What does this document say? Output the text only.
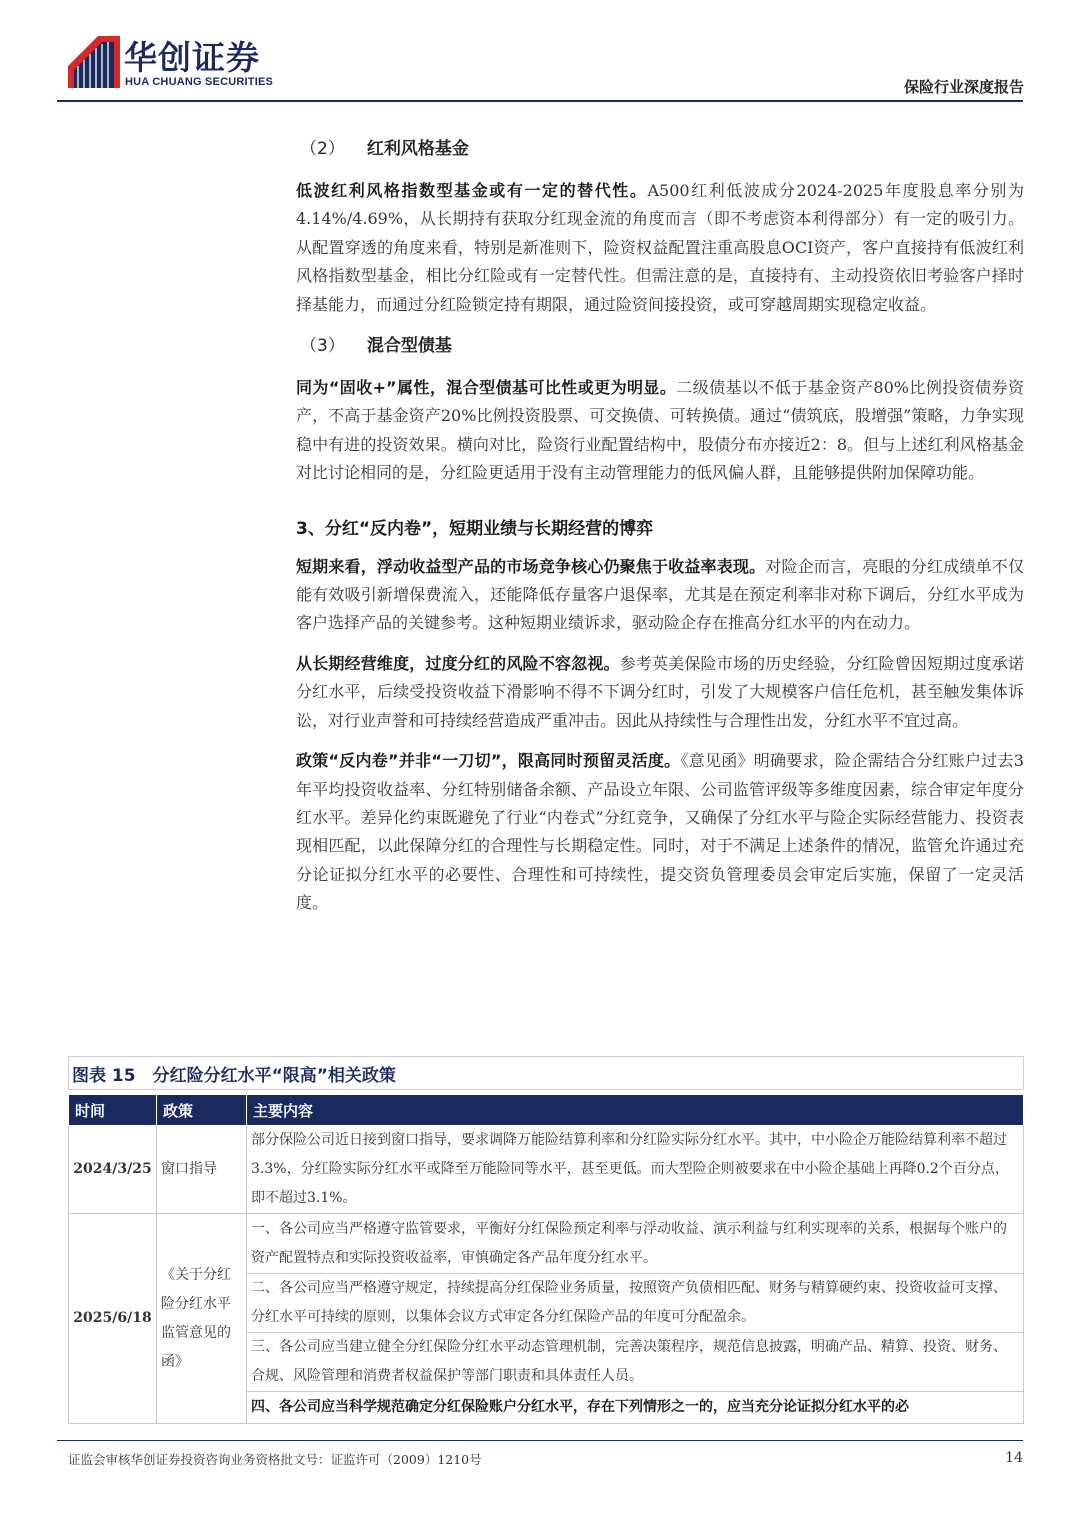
华创证券
HUA CHUANG SECURITIES	保险行业深度报告
（2） 红利风格基金

低波红利风格指数型基金或有一定的替代性。A500红利低波成分2024-2025年度股息率分别为4.14%/4.69%，从长期持有获取分红现金流的角度而言（即不考虑资本利得部分）有一定的吸引力。从配置穿透的角度来看，特别是新准则下，险资权益配置注重高股息OCI资产，客户直接持有低波红利风格指数型基金，相比分红险或有一定替代性。但需注意的是，直接持有、主动投资依旧考验客户择时择基能力，而通过分红险锁定持有期限，通过险资间接投资，或可穿越周期实现稳定收益。

（3） 混合型债基

同为“固收+”属性，混合型债基可比性或更为明显。二级债基以不低于基金资产80%比例投资债券资产，不高于基金资产20%比例投资股票、可交换债、可转换债。通过“债筑底，股增强”策略，力争实现稳中有进的投资效果。横向对比，险资行业配置结构中，股债分布亦接近2：8。但与上述红利风格基金对比讨论相同的是，分红险更适用于没有主动管理能力的低风偏人群，且能够提供附加保障功能。

3、分红“反内卷”，短期业绩与长期经营的博弈

短期来看，浮动收益型产品的市场竞争核心仍聚焦于收益率表现。对险企而言，亮眼的分红成绩单不仅能有效吸引新增保费流入，还能降低存量客户退保率，尤其是在预定利率非对称下调后，分红水平成为客户选择产品的关键参考。这种短期业绩诉求，驱动险企存在推高分红水平的内在动力。

从长期经营维度，过度分红的风险不容忽视。参考英美保险市场的历史经验，分红险曾因短期过度承诺分红水平，后续受投资收益下滑影响不得不下调分红时，引发了大规模客户信任危机，甚至触发集体诉讼，对行业声誉和可持续经营造成严重冲击。因此从持续性与合理性出发，分红水平不宜过高。

政策“反内卷”并非“一刀切”，限高同时预留灵活度。《意见函》明确要求，险企需结合分红账户过去3年平均投资收益率、分红特别储备余额、产品设立年限、公司监管评级等多维度因素，综合审定年度分红水平。差异化约束既避免了行业“内卷式”分红竞争，又确保了分红水平与险企实际经营能力、投资表现相匹配，以此保障分红的合理性与长期稳定性。同时，对于不满足上述条件的情况，监管允许通过充分论证拟分红水平的必要性、合理性和可持续性，提交资负管理委员会审定后实施，保留了一定灵活度。

图表 15　分红险分红水平“限高”相关政策
时间	政策	主要内容
2024/3/25	窗口指导	部分保险公司近日接到窗口指导，要求调降万能险结算利率和分红险实际分红水平。其中，中小险企万能险结算利率不超过3.3%，分红险实际分红水平或降至万能险同等水平，甚至更低。而大型险企则被要求在中小险企基础上再降0.2个百分点，即不超过3.1%。
2025/6/18	《关于分红险分红水平监管意见的函》	一、各公司应当严格遵守监管要求，平衡好分红保险预定利率与浮动收益、演示利益与红利实现率的关系，根据每个账户的资产配置特点和实际投资收益率，审慎确定各产品年度分红水平。
		二、各公司应当严格遵守规定，持续提高分红保险业务质量，按照资产负债相匹配、财务与精算硬约束、投资收益可支撑、分红水平可持续的原则，以集体会议方式审定各分红保险产品的年度可分配盈余。
		三、各公司应当建立健全分红保险分红水平动态管理机制，完善决策程序，规范信息披露，明确产品、精算、投资、财务、合规、风险管理和消费者权益保护等部门职责和具体责任人员。
		四、各公司应当科学规范确定分红保险账户分红水平，存在下列情形之一的，应当充分论证拟分红水平的必
证监会审核华创证券投资咨询业务资格批文号：证监许可（2009）1210号	14
